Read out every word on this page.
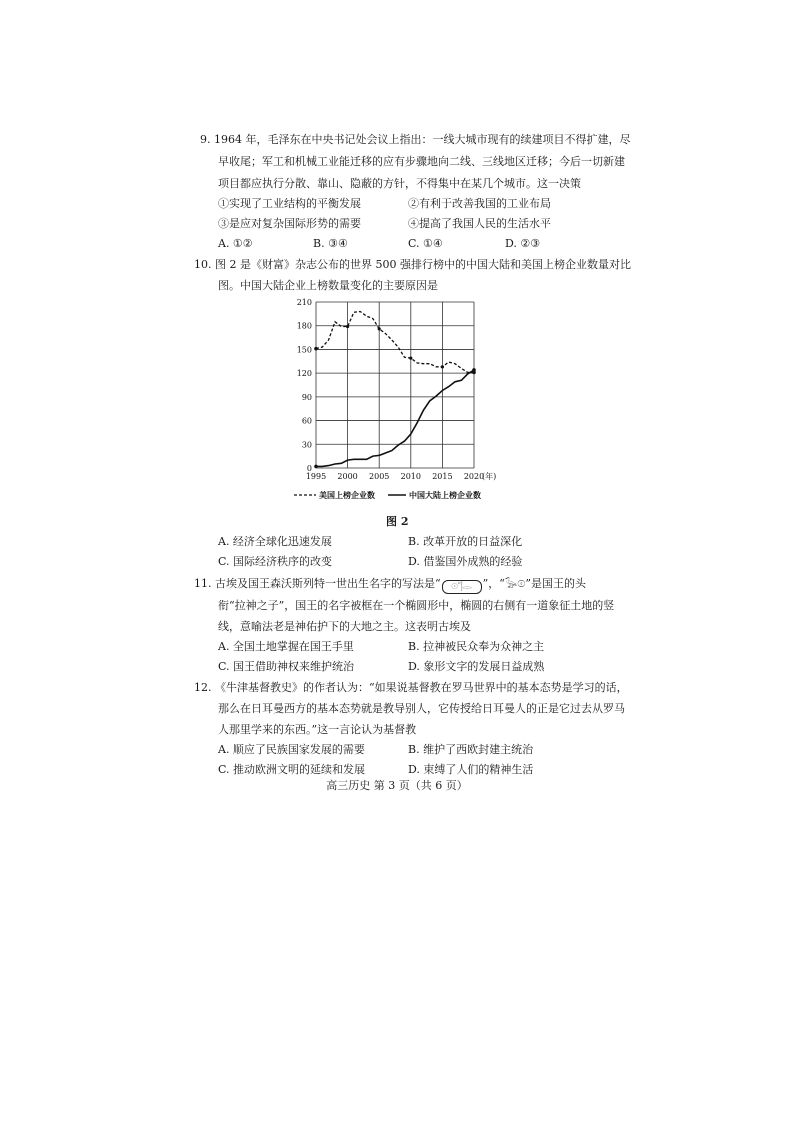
9. 1964 年，毛泽东在中央书记处会议上指出：一线大城市现有的续建项目不得扩建，尽
早收尾；军工和机械工业能迁移的应有步骤地向二线、三线地区迁移；今后一切新建
项目都应执行分散、靠山、隐蔽的方针，不得集中在某几个城市。这一决策
①实现了工业结构的平衡发展	②有利于改善我国的工业布局
③是应对复杂国际形势的需要	④提高了我国人民的生活水平
A. ①②	B. ③④	C. ①④	D. ②③
10. 图 2 是《财富》杂志公布的世界 500 强排行榜中的中国大陆和美国上榜企业数量对比
图。中国大陆企业上榜数量变化的主要原因是
0
30
60
90
120
150
180
210
1995 2000 2005 2010 2015 2020
(年)
美国上榜企业数	中国大陆上榜企业数
图 2
A. 经济全球化迅速发展	B. 改革开放的日益深化
C. 国际经济秩序的改变	D. 借鉴国外成熟的经验
11. 古埃及国王森沃斯列特一世出生名字的写法是“ 𓇳𓊹𓂋 ”，“𓅭𓇳”是国王的头
衔“拉神之子”，国王的名字被框在一个椭圆形中，椭圆的右侧有一道象征土地的竖
线，意喻法老是神佑护下的大地之主。这表明古埃及
A. 全国土地掌握在国王手里	B. 拉神被民众奉为众神之主
C. 国王借助神权来维护统治	D. 象形文字的发展日益成熟
12. 《牛津基督教史》的作者认为：“如果说基督教在罗马世界中的基本态势是学习的话，
那么在日耳曼西方的基本态势就是教导别人，它传授给日耳曼人的正是它过去从罗马
人那里学来的东西。”这一言论认为基督教
A. 顺应了民族国家发展的需要	B. 维护了西欧封建主统治
C. 推动欧洲文明的延续和发展	D. 束缚了人们的精神生活
高三历史 第 3 页（共 6 页）
